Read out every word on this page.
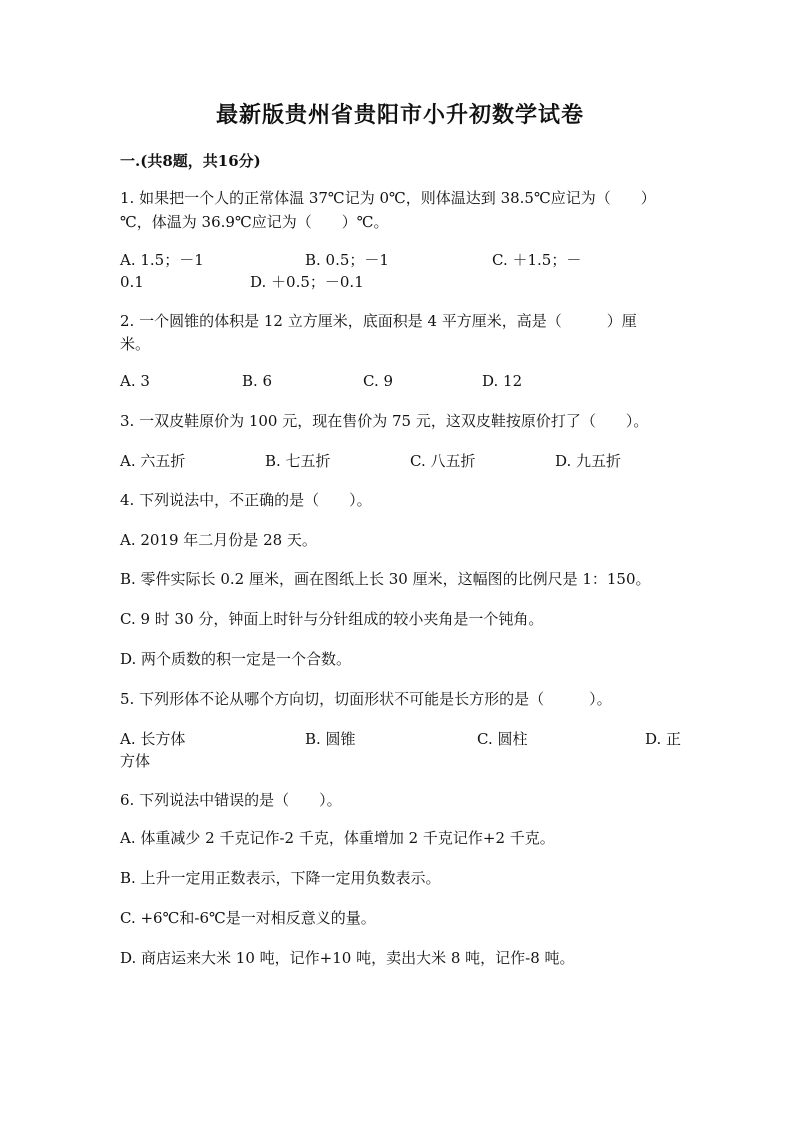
最新版贵州省贵阳市小升初数学试卷
一.(共8题，共16分)
1. 如果把一个人的正常体温 37℃记为 0℃，则体温达到 38.5℃应记为（　　）
℃，体温为 36.9℃应记为（　　）℃。
A. 1.5；－1	B. 0.5；－1	C. ＋1.5；－
0.1	D. ＋0.5；－0.1
2. 一个圆锥的体积是 12 立方厘米，底面积是 4 平方厘米，高是（　　　）厘
米。
A. 3	B. 6	C. 9	D. 12
3. 一双皮鞋原价为 100 元，现在售价为 75 元，这双皮鞋按原价打了（　　）。
A. 六五折	B. 七五折	C. 八五折	D. 九五折
4. 下列说法中，不正确的是（　　）。
A. 2019 年二月份是 28 天。
B. 零件实际长 0.2 厘米，画在图纸上长 30 厘米，这幅图的比例尺是 1：150。
C. 9 时 30 分，钟面上时针与分针组成的较小夹角是一个钝角。
D. 两个质数的积一定是一个合数。
5. 下列形体不论从哪个方向切，切面形状不可能是长方形的是（　　　）。
A. 长方体	B. 圆锥	C. 圆柱	D. 正
方体
6. 下列说法中错误的是（　　）。
A. 体重减少 2 千克记作-2 千克，体重增加 2 千克记作+2 千克。
B. 上升一定用正数表示，下降一定用负数表示。
C. +6℃和-6℃是一对相反意义的量。
D. 商店运来大米 10 吨，记作+10 吨，卖出大米 8 吨，记作-8 吨。
